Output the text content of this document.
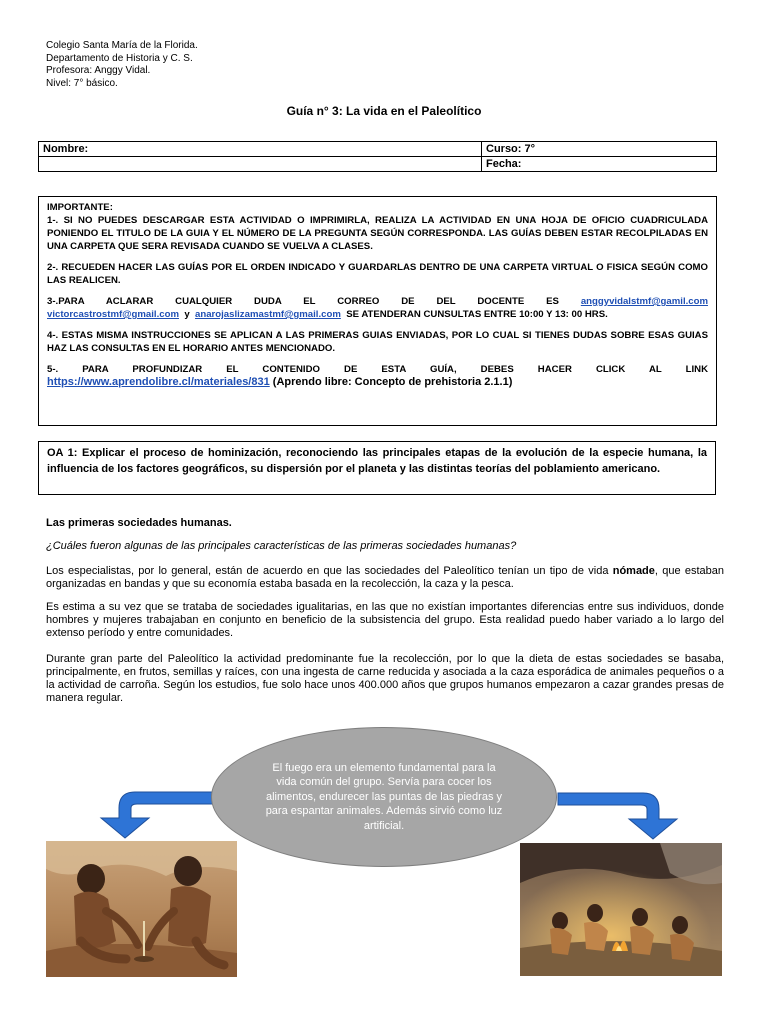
Colegio Santa María de la Florida.
Departamento de Historia y C. S.
Profesora: Anggy Vidal.
Nivel: 7° básico.
Guía n° 3: La vida en el Paleolítico
Nombre:	Curso: 7°
	Fecha:

IMPORTANTE:

1-. SI NO PUEDES DESCARGAR ESTA ACTIVIDAD O IMPRIMIRLA, REALIZA LA ACTIVIDAD EN UNA HOJA DE OFICIO CUADRICULADA PONIENDO EL TITULO DE LA GUIA Y EL NÚMERO DE LA PREGUNTA SEGÚN CORRESPONDA. LAS GUÍAS DEBEN ESTAR RECOLPILADAS EN UNA CARPETA QUE SERA REVISADA CUANDO SE VUELVA A CLASES.

2-. RECUEDEN HACER LAS GUÍAS POR EL ORDEN INDICADO Y GUARDARLAS DENTRO DE UNA CARPETA VIRTUAL O FISICA SEGÚN COMO LAS REALICEN.

3-.PARA ACLARAR CUALQUIER DUDA EL CORREO DE DEL DOCENTE ES anggyvidalstmf@gamil.com

victorcastrostmf@gmail.com y anarojaslizamastmf@gmail.com SE ATENDERAN CUNSULTAS ENTRE 10:00 Y 13: 00 HRS.

4-. ESTAS MISMA INSTRUCCIONES SE APLICAN A LAS PRIMERAS GUIAS ENVIADAS, POR LO CUAL SI TIENES DUDAS SOBRE ESAS GUIAS HAZ LAS CONSULTAS EN EL HORARIO ANTES MENCIONADO.

5-. PARA PROFUNDIZAR EL CONTENIDO DE ESTA GUÍA, DEBES HACER CLICK AL LINK

https://www.aprendolibre.cl/materiales/831 (Aprendo libre: Concepto de prehistoria 2.1.1)

OA 1: Explicar el proceso de hominización, reconociendo las principales etapas de la evolución de la especie humana, la influencia de los factores geográficos, su dispersión por el planeta y las distintas teorías del poblamiento americano.
Las primeras sociedades humanas.
¿Cuáles fueron algunas de las principales características de las primeras sociedades humanas?

Los especialistas, por lo general, están de acuerdo en que las sociedades del Paleolítico tenían un tipo de vida nómade, que estaban organizadas en bandas y que su economía estaba basada en la recolección, la caza y la pesca.

Es estima a su vez que se trataba de sociedades igualitarias, en las que no existían importantes diferencias entre sus individuos, donde hombres y mujeres trabajaban en conjunto en beneficio de la subsistencia del grupo. Esta realidad puedo haber variado a lo largo del extenso período y entre comunidades.

Durante gran parte del Paleolítico la actividad predominante fue la recolección, por lo que la dieta de estas sociedades se basaba, principalmente, en frutos, semillas y raíces, con una ingesta de carne reducida y asociada a la caza esporádica de animales pequeños o a la actividad de carroña. Según los estudios, fue solo hace unos 400.000 años que grupos humanos empezaron a cazar grandes presas de manera regular.

El fuego era un elemento fundamental para la vida común del grupo. Servía para cocer los alimentos, endurecer las puntas de las piedras y para espantar animales. Además sirvió como luz artificial.
